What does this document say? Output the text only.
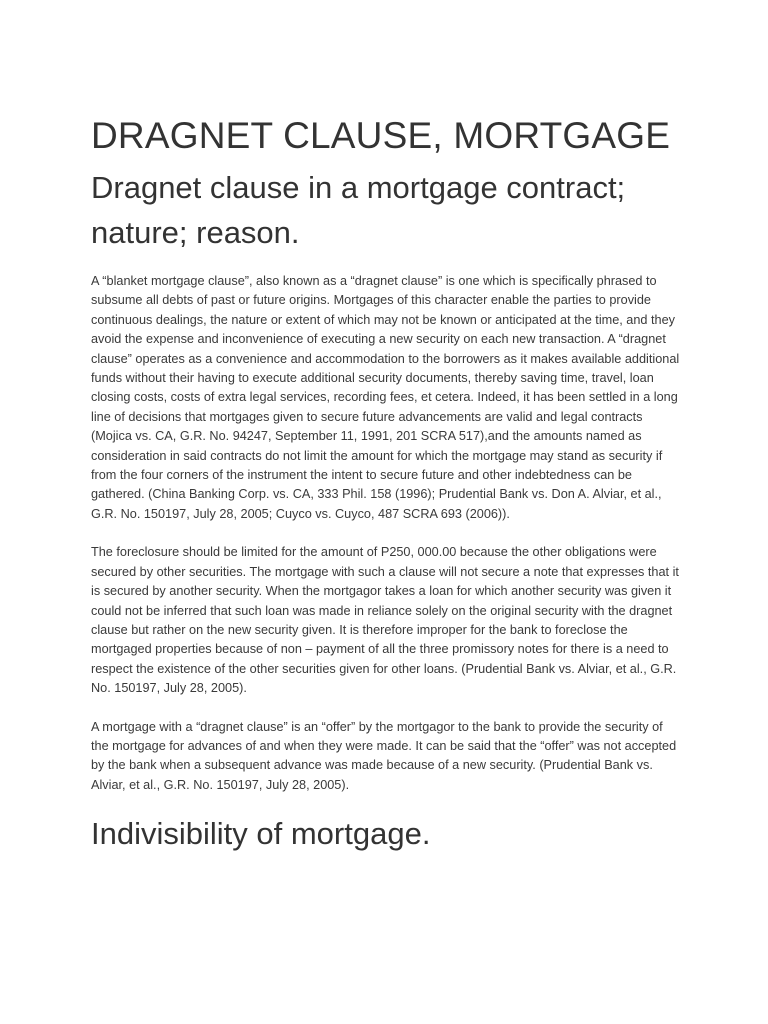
DRAGNET CLAUSE, MORTGAGE
Dragnet clause in a mortgage contract; nature; reason.

A “blanket mortgage clause”, also known as a “dragnet clause” is one which is specifically phrased to subsume all debts of past or future origins. Mortgages of this character enable the parties to provide continuous dealings, the nature or extent of which may not be known or anticipated at the time, and they avoid the expense and inconvenience of executing a new security on each new transaction. A “dragnet clause” operates as a convenience and accommodation to the borrowers as it makes available additional funds without their having to execute additional security documents, thereby saving time, travel, loan closing costs, costs of extra legal services, recording fees, et cetera. Indeed, it has been settled in a long line of decisions that mortgages given to secure future advancements are valid and legal contracts (Mojica vs. CA, G.R. No. 94247, September 11, 1991, 201 SCRA 517),and the amounts named as consideration in said contracts do not limit the amount for which the mortgage may stand as security if from the four corners of the instrument the intent to secure future and other indebtedness can be gathered. (China Banking Corp. vs. CA, 333 Phil. 158 (1996); Prudential Bank vs. Don A. Alviar, et al., G.R. No. 150197, July 28, 2005; Cuyco vs. Cuyco, 487 SCRA 693 (2006)).

The foreclosure should be limited for the amount of P250, 000.00 because the other obligations were secured by other securities. The mortgage with such a clause will not secure a note that expresses that it is secured by another security. When the mortgagor takes a loan for which another security was given it could not be inferred that such loan was made in reliance solely on the original security with the dragnet clause but rather on the new security given. It is therefore improper for the bank to foreclose the mortgaged properties because of non – payment of all the three promissory notes for there is a need to respect the existence of the other securities given for other loans. (Prudential Bank vs. Alviar, et al., G.R. No. 150197, July 28, 2005).

A mortgage with a “dragnet clause” is an “offer” by the mortgagor to the bank to provide the security of the mortgage for advances of and when they were made. It can be said that the “offer” was not accepted by the bank when a subsequent advance was made because of a new security. (Prudential Bank vs. Alviar, et al., G.R. No. 150197, July 28, 2005).

Indivisibility of mortgage.
